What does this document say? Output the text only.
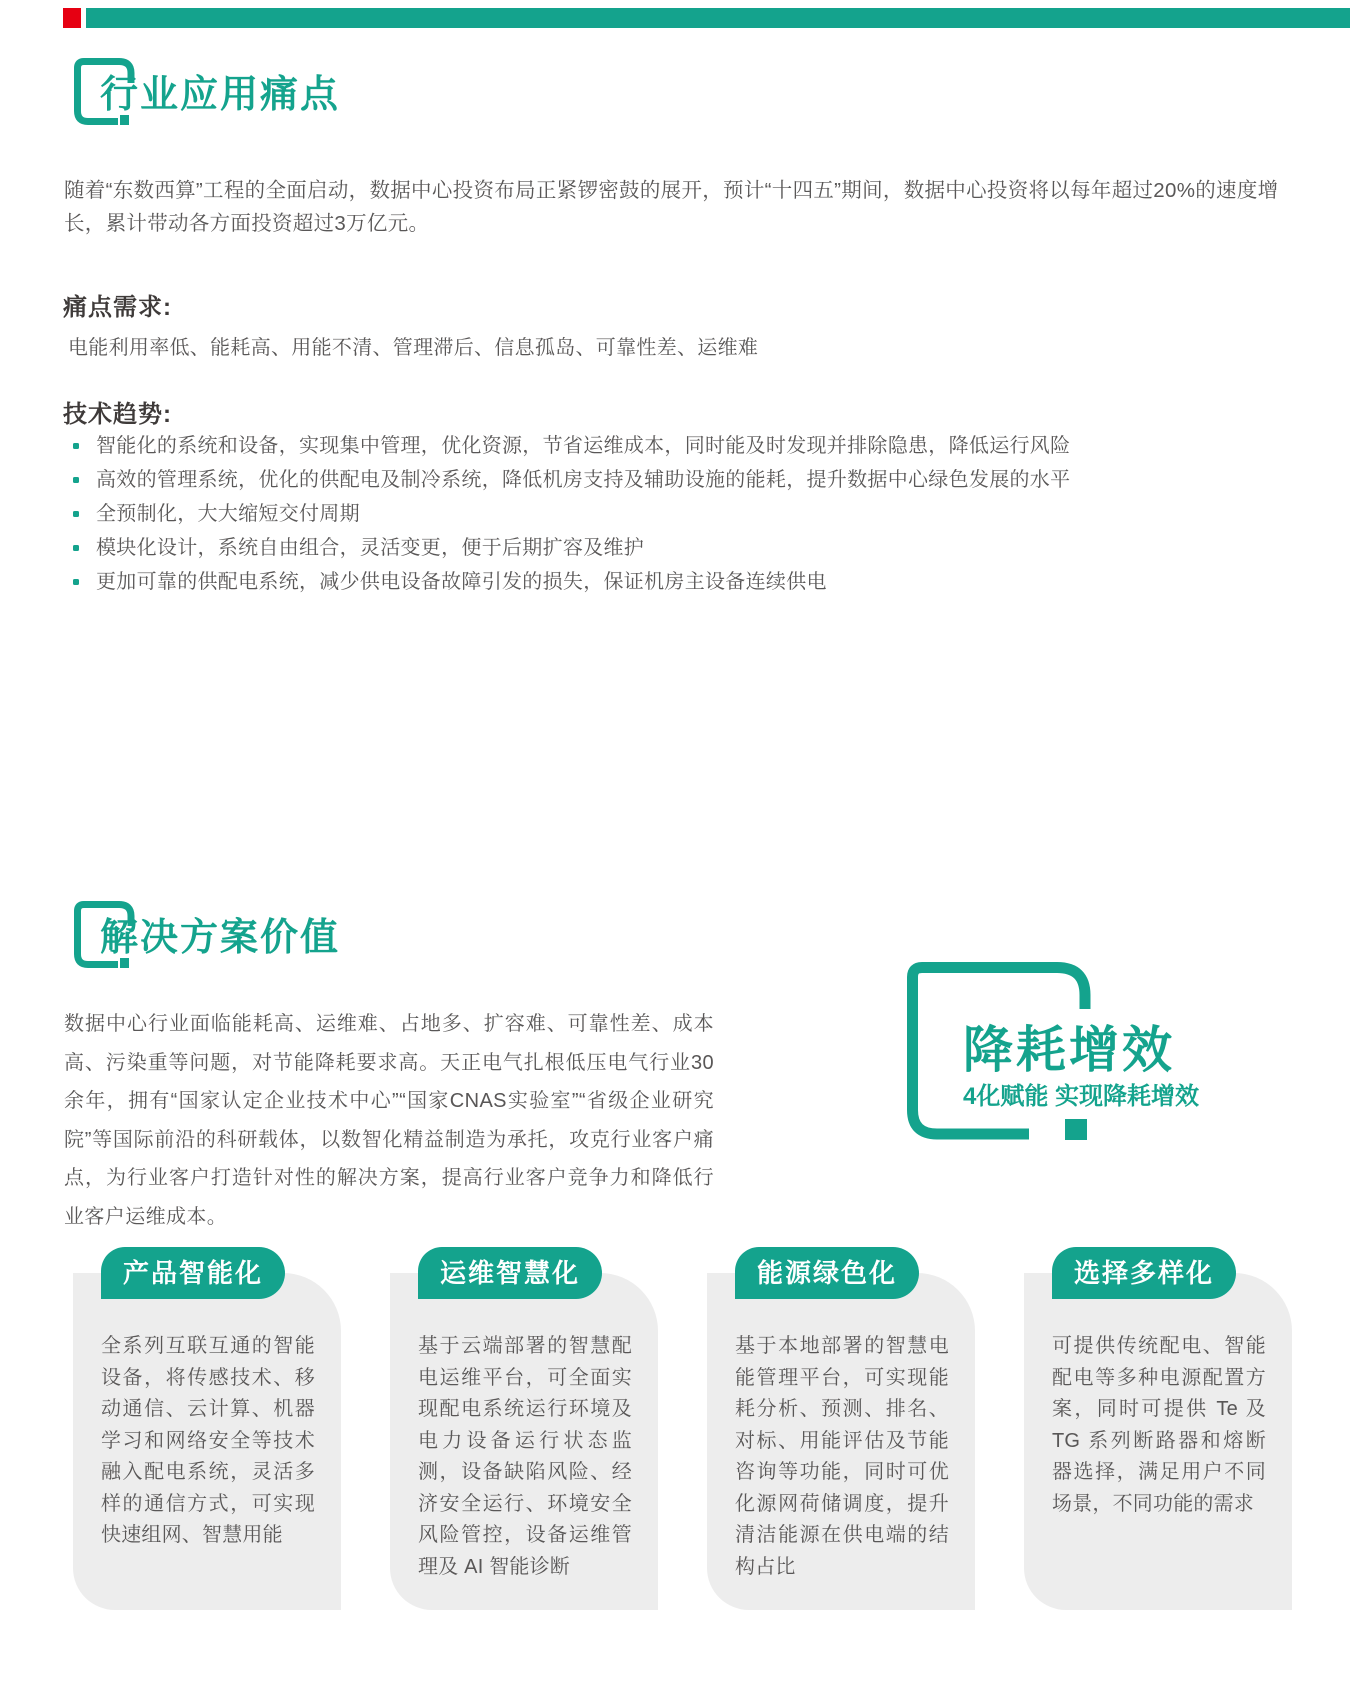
行业应用痛点
随着“东数西算”工程的全面启动，数据中心投资布局正紧锣密鼓的展开，预计“十四五”期间，数据中心投资将以每年超过20%的速度增长，累计带动各方面投资超过3万亿元。
痛点需求:
电能利用率低、能耗高、用能不清、管理滞后、信息孤岛、可靠性差、运维难
技术趋势:
智能化的系统和设备，实现集中管理，优化资源，节省运维成本，同时能及时发现并排除隐患，降低运行风险
高效的管理系统，优化的供配电及制冷系统，降低机房支持及辅助设施的能耗，提升数据中心绿色发展的水平
全预制化，大大缩短交付周期
模块化设计，系统自由组合，灵活变更，便于后期扩容及维护
更加可靠的供配电系统，减少供电设备故障引发的损失，保证机房主设备连续供电
解决方案价值
数据中心行业面临能耗高、运维难、占地多、扩容难、可靠性差、成本高、污染重等问题，对节能降耗要求高。天正电气扎根低压电气行业30余年，拥有“国家认定企业技术中心”“国家CNAS实验室”“省级企业研究院”等国际前沿的科研载体，以数智化精益制造为承托，攻克行业客户痛点，为行业客户打造针对性的解决方案，提高行业客户竞争力和降低行业客户运维成本。
降耗增效
4化赋能 实现降耗增效
产品智能化
全系列互联互通的智能设备，将传感技术、移动通信、云计算、机器学习和网络安全等技术融入配电系统，灵活多样的通信方式，可实现快速组网、智慧用能
运维智慧化
基于云端部署的智慧配电运维平台，可全面实现配电系统运行环境及电力设备运行状态监测，设备缺陷风险、经济安全运行、环境安全风险管控，设备运维管理及 AI 智能诊断
能源绿色化
基于本地部署的智慧电能管理平台，可实现能耗分析、预测、排名、对标、用能评估及节能咨询等功能，同时可优化源网荷储调度，提升清洁能源在供电端的结构占比
选择多样化
可提供传统配电、智能配电等多种电源配置方案，同时可提供 Te 及 TG 系列断路器和熔断器选择，满足用户不同场景，不同功能的需求
